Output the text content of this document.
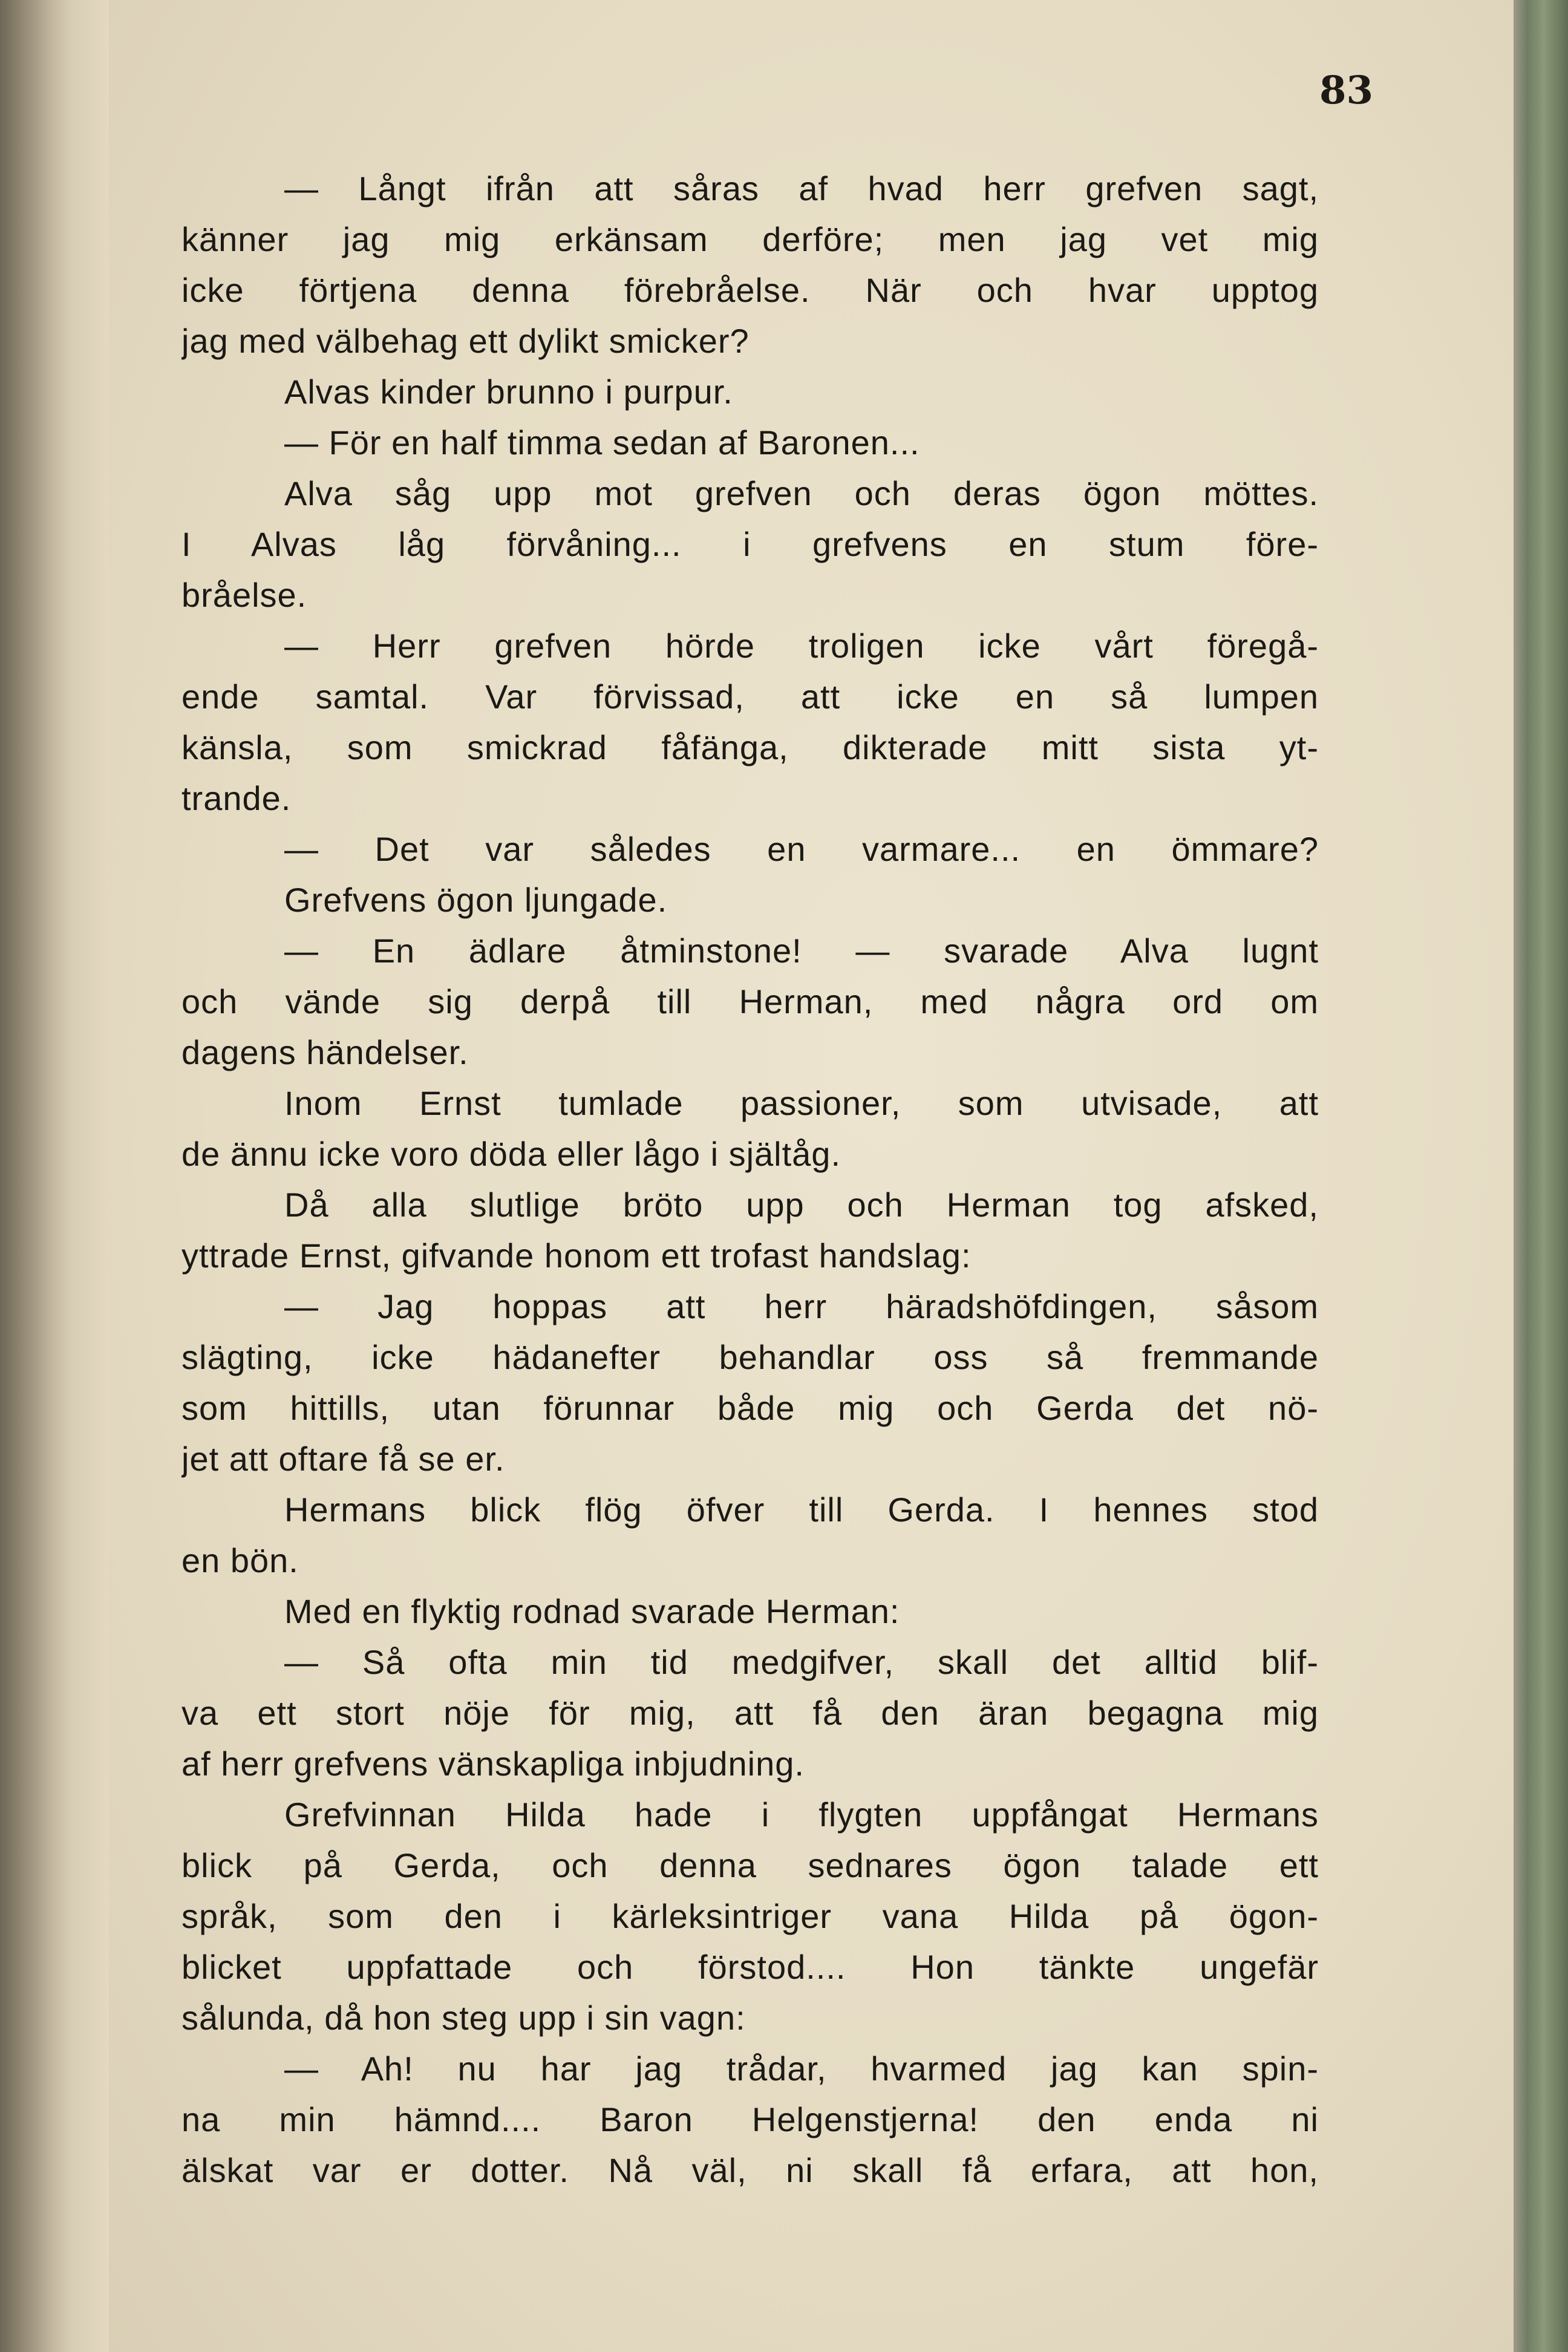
83
— Långt ifrån att såras af hvad herr grefven sagt,
känner jag mig erkänsam derföre; men jag vet mig
icke förtjena denna förebråelse. När och hvar upptog
jag med välbehag ett dylikt smicker?
Alvas kinder brunno i purpur.
— För en half timma sedan af Baronen...
Alva såg upp mot grefven och deras ögon möttes.
I Alvas låg förvåning... i grefvens en stum före-
bråelse.
— Herr grefven hörde troligen icke vårt föregå-
ende samtal. Var förvissad, att icke en så lumpen
känsla, som smickrad fåfänga, dikterade mitt sista yt-
trande.
— Det var således en varmare... en ömmare?
Grefvens ögon ljungade.
— En ädlare åtminstone! — svarade Alva lugnt
och vände sig derpå till Herman, med några ord om
dagens händelser.
Inom Ernst tumlade passioner, som utvisade, att
de ännu icke voro döda eller lågo i själtåg.
Då alla slutlige bröto upp och Herman tog afsked,
yttrade Ernst, gifvande honom ett trofast handslag:
— Jag hoppas att herr häradshöfdingen, såsom
slägting, icke hädanefter behandlar oss så fremmande
som hittills, utan förunnar både mig och Gerda det nö-
jet att oftare få se er.
Hermans blick flög öfver till Gerda. I hennes stod
en bön.
Med en flyktig rodnad svarade Herman:
— Så ofta min tid medgifver, skall det alltid blif-
va ett stort nöje för mig, att få den äran begagna mig
af herr grefvens vänskapliga inbjudning.
Grefvinnan Hilda hade i flygten uppfångat Hermans
blick på Gerda, och denna sednares ögon talade ett
språk, som den i kärleksintriger vana Hilda på ögon-
blicket uppfattade och förstod.... Hon tänkte ungefär
sålunda, då hon steg upp i sin vagn:
— Ah! nu har jag trådar, hvarmed jag kan spin-
na min hämnd.... Baron Helgenstjerna! den enda ni
älskat var er dotter. Nå väl, ni skall få erfara, att hon,
